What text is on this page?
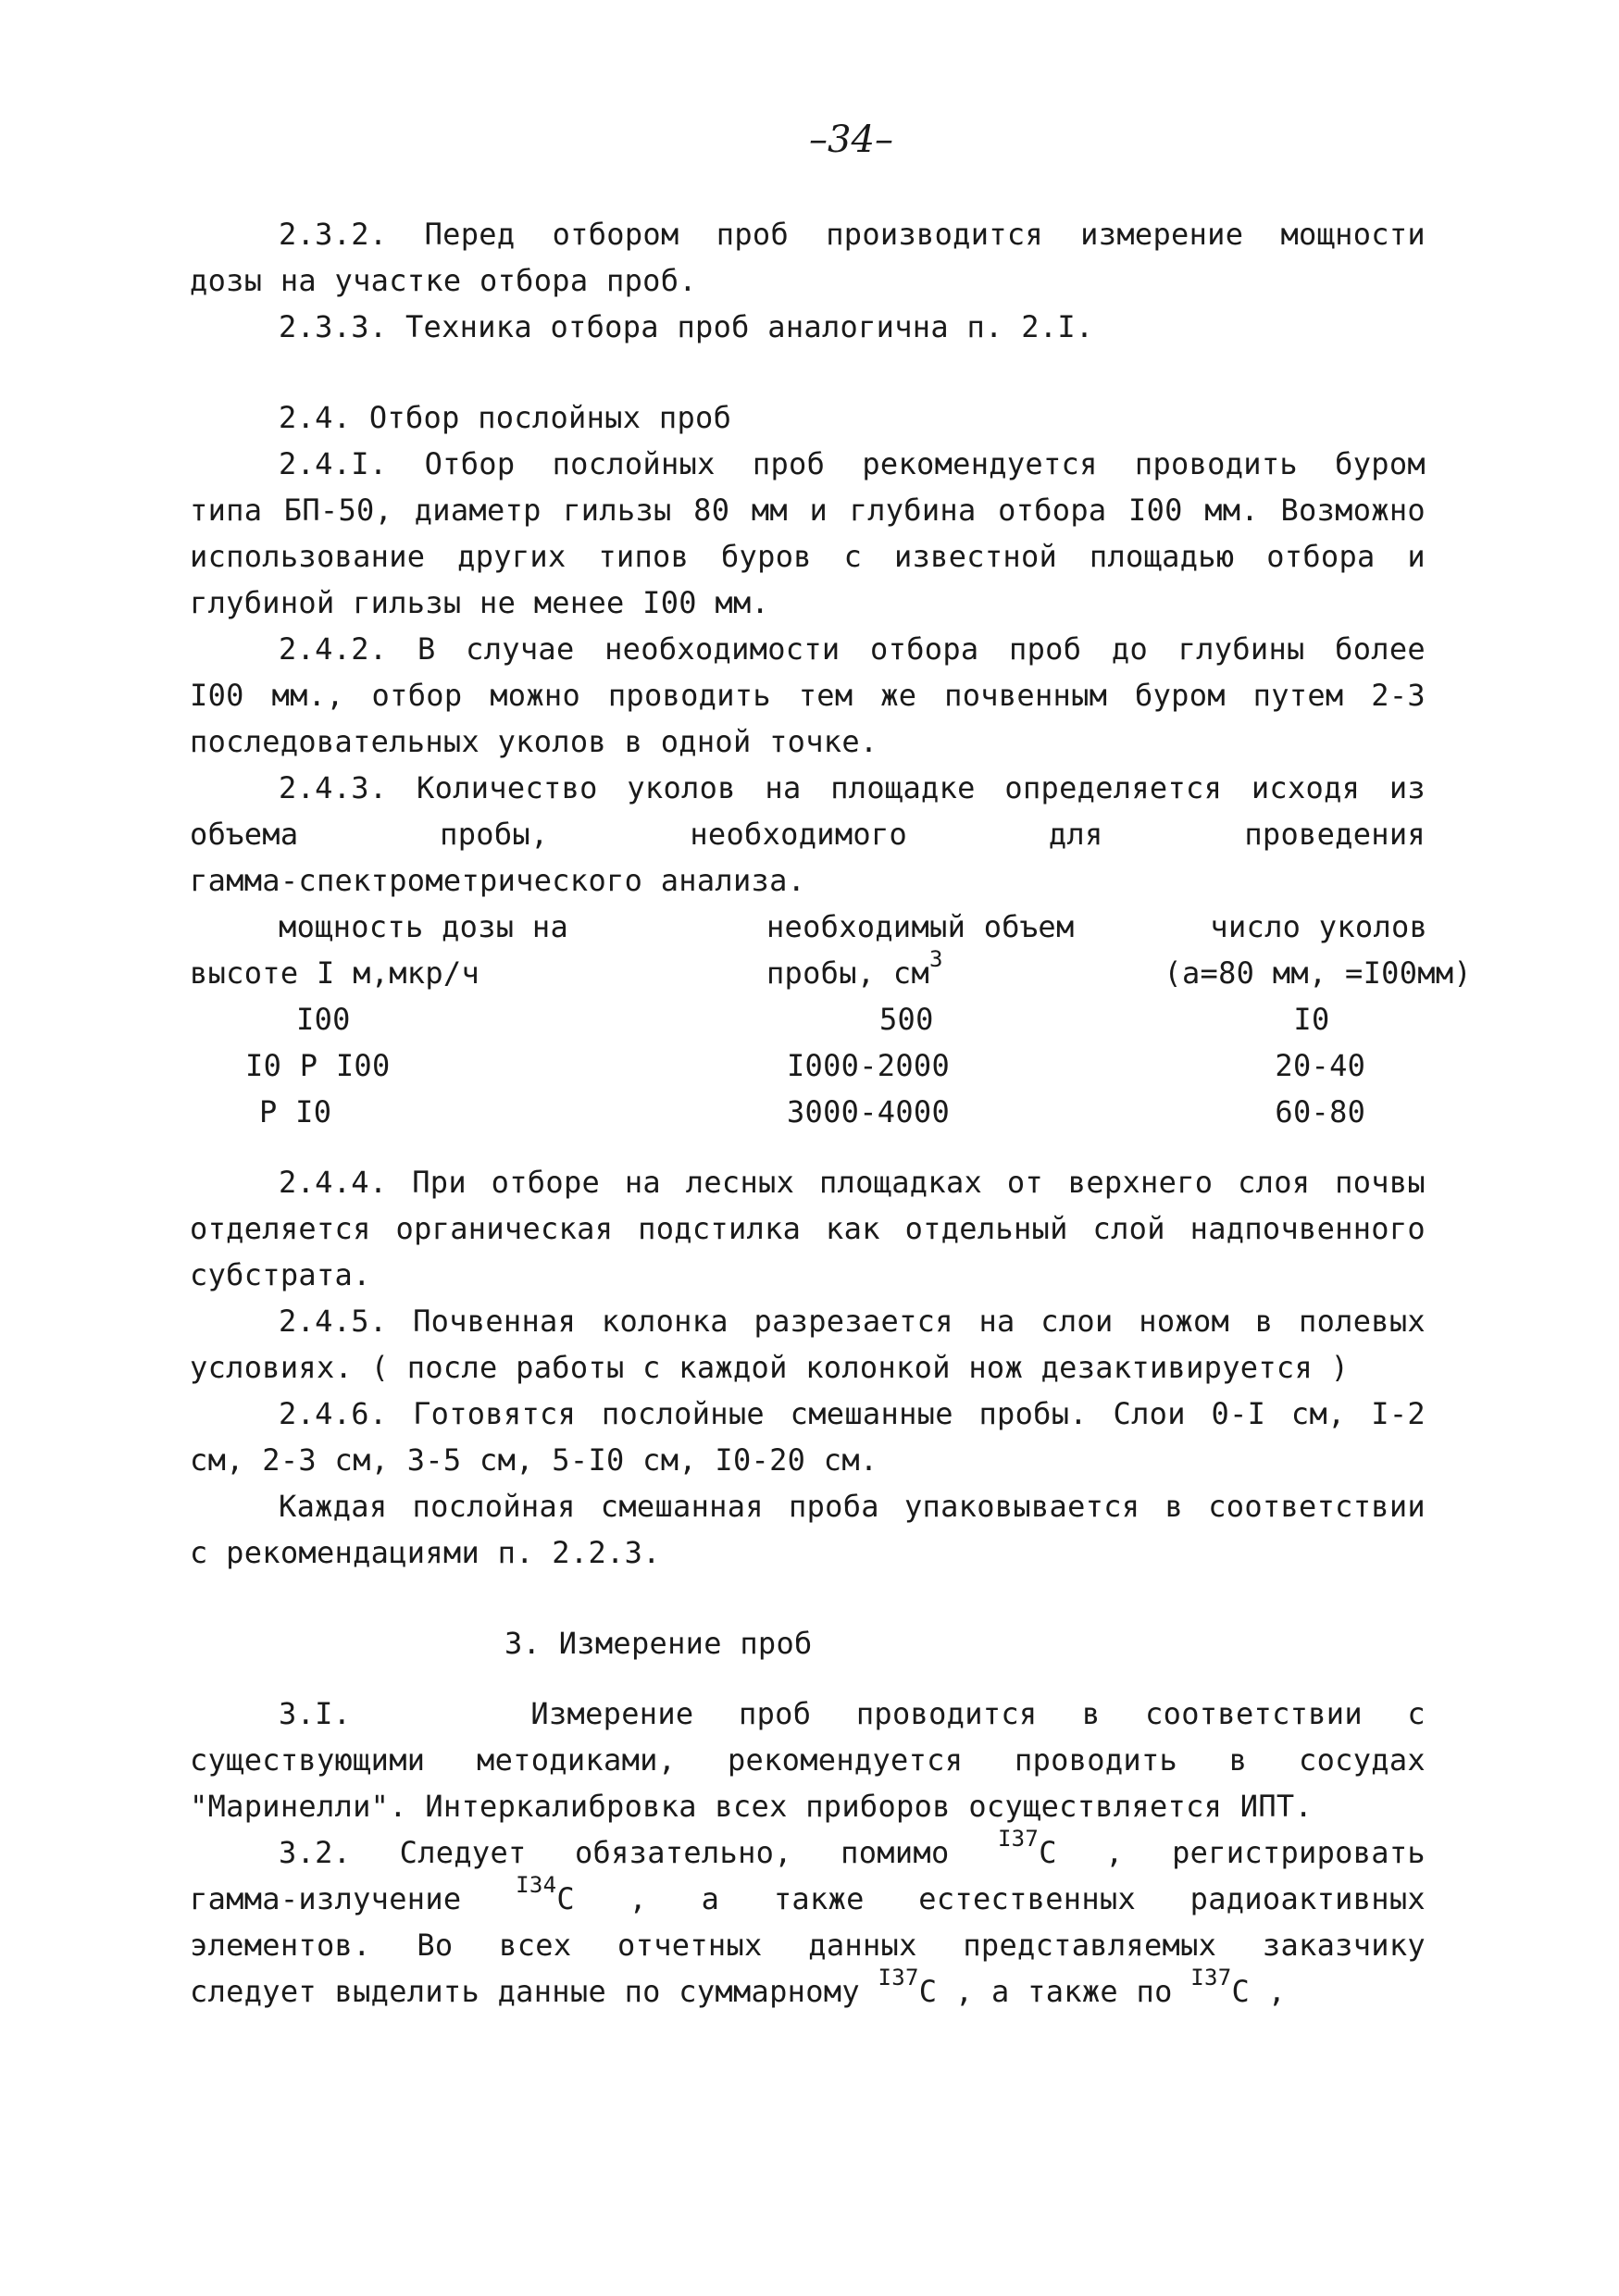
–34–
2.3.2. Перед отбором проб производится измерение мощности
дозы на участке отбора проб.
2.3.3. Техника отбора проб аналогична п. 2.I.

2.4. Отбор послойных проб

2.4.I. Отбор послойных проб рекомендуется проводить буром
типа БП-50, диаметр гильзы 80 мм и глубина отбора I00 мм. Возможно
использование других типов буров с известной площадью отбора и
глубиной гильзы не менее I00 мм.
2.4.2. В случае необходимости отбора проб до глубины более
I00 мм., отбор можно проводить тем же почвенным буром путем 2-3
последовательных уколов в одной точке.
2.4.3. Количество уколов на площадке определяется исходя из
объема пробы, необходимого для проведения
гамма-спектрометрического анализа.
мощность дозы на	необходимый объем	число уколов
высоте I м,мкр/ч	пробы, $см^3$	(а=80 мм, =I00мм)
I00	500	I0
I0 Р I00	I000-2000	20-40
Р I0	3000-4000	60-80
2.4.4. При отборе на лесных площадках от верхнего слоя почвы
отделяется органическая подстилка как отдельный слой надпочвенного
субстрата.
2.4.5. Почвенная колонка разрезается на слои ножом в полевых
условиях. ( после работы с каждой колонкой нож дезактивируется )
2.4.6. Готовятся послойные смешанные пробы. Слои 0-I см, I-2
см, 2-3 см, 3-5 см, 5-I0 см, I0-20 см.
Каждая послойная смешанная проба упаковывается в соответствии
с рекомендациями п. 2.2.3.

3. Измерение проб

3.I.    Измерение проб проводится в соответствии с
существующими методиками, рекомендуется проводить в сосудах
"Маринелли". Интеркалибровка всех приборов осуществляется ИПТ.
3.2. Следует обязательно, помимо $^{I37}$C , регистрировать
гамма-излучение $^{I34}$C , а также естественных радиоактивных
элементов. Во всех отчетных данных представляемых заказчику
следует выделить данные по суммарному $^{I37}$C , а также по $^{I37}$C ,
